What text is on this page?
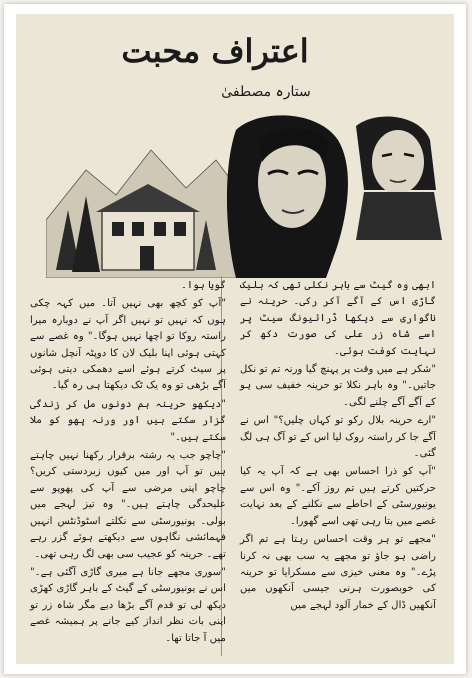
اعتراف محبت
ستارہ مصطفیٰ

ابھی وہ گیٹ سے باہر نکلی تھی کہ بلیک گاڑی اس کے آگے آکر رکی۔ حرینہ نے ناگواری سے دیکھا ڈرائیونگ سیٹ پر اسے شاہ زر علی کی صورت دکھ کر نہایت کوفت ہوئی۔

"شکر ہے میں وقت پر پہنچ گیا ورنہ تم تو نکل جاتیں۔" وہ باہر نکلا تو حرینہ خفیف سی ہو کے آگے آگے چلنے لگی۔

"ارے حرینہ بلال رکو تو کہاں چلیں؟" اس نے آگے جا کر راستہ روک لیا اس کے تو آگ ہی لگ گئی۔

"آپ کو ذرا احساس بھی ہے کہ آپ یہ کیا حرکتیں کرتے ہیں تم روز آکے۔" وہ اس سے یونیورسٹی کے احاطے سے نکلنے کے بعد نہایت غصے میں بتا رہی تھی اسے گھورا۔

"مجھے تو ہر وقت احساس رہتا ہے تم اگر راضی ہو جاؤ تو مجھے یہ سب بھی نہ کرنا پڑے۔" وہ معنی خیزی سے مسکرایا تو حرینہ کی خوبصورت ہرنی جیسی آنکھوں میں آنکھیں ڈال کے خمار آلود لہجے میں

گویا ہوا۔

"آپ کو کچھ بھی نہیں آتا۔ میں کہہ چکی ہوں کہ نہیں تو نہیں اگر آپ نے دوبارہ میرا راستہ روکا تو اچھا نہیں ہوگا۔" وہ غصے سے کہتی ہوئی اپنا بلیک لان کا دوپٹہ آنچل شانوں پر سیٹ کرتے ہوئے اسے دھمکی دیتی ہوئی آگے بڑھی تو وہ یک ٹک دیکھتا ہی رہ گیا۔

"دیکھو حرینہ ہم دونوں مل کر زندگی گزار سکتے ہیں اور ورنہ پھو کو ملا سکتے ہیں۔"

"چاچو جب یہ رشتہ برقرار رکھنا نہیں چاہتے ہیں تو آپ اور میں کیوں زبردستی کریں؟ چاچو اپنی مرضی سے آپ کی پھوپو سے علیحدگی چاہتے ہیں۔" وہ تیز لہجے میں بولی۔ یونیورسٹی سے نکلتے اسٹوڈنٹس انہیں فہمائشی نگاہوں سے دیکھتے ہوئے گزر رہے تھے۔ حرینہ کو عجیب سی بھی لگ رہی تھی۔

"سوری مجھے جانا ہے میری گاڑی آگئی ہے۔" اس نے یونیورسٹی کے گیٹ کے باہر گاڑی کھڑی دیکھ لی تو قدم آگے بڑھا دیے مگر شاہ زر تو اپنی بات نظر انداز کیے جانے پر ہمیشہ غصے میں آ جاتا تھا۔
